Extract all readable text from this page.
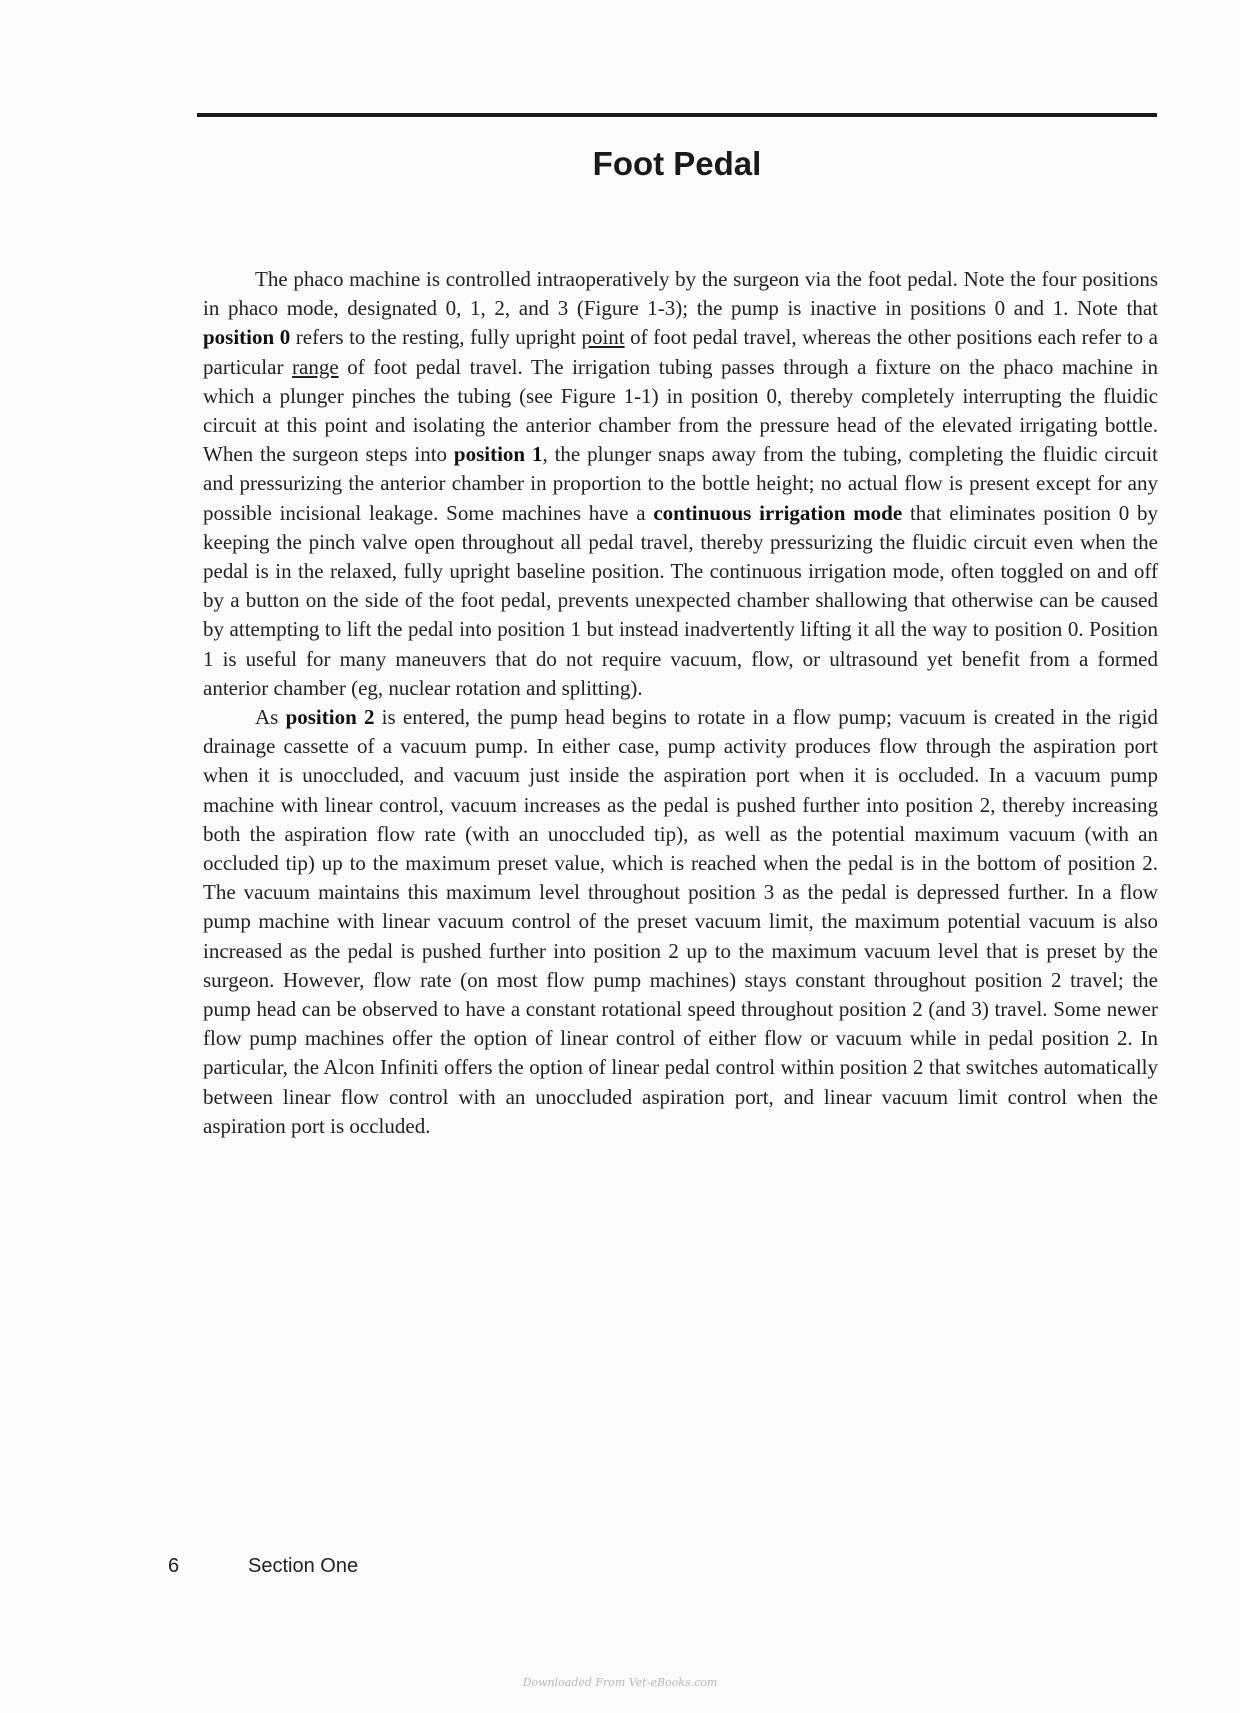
Foot Pedal

The phaco machine is controlled intraoperatively by the surgeon via the foot pedal. Note the four positions in phaco mode, designated 0, 1, 2, and 3 (Figure 1-3); the pump is inactive in positions 0 and 1. Note that position 0 refers to the resting, fully upright point of foot pedal travel, whereas the other positions each refer to a particular range of foot pedal travel. The irrigation tubing passes through a fixture on the phaco machine in which a plunger pinches the tubing (see Figure 1-1) in position 0, thereby completely interrupting the fluidic circuit at this point and isolating the anterior chamber from the pressure head of the elevated irrigating bottle. When the surgeon steps into position 1, the plunger snaps away from the tubing, completing the fluidic circuit and pressurizing the anterior chamber in proportion to the bottle height; no actual flow is present except for any possible incisional leakage. Some machines have a continuous irrigation mode that eliminates position 0 by keeping the pinch valve open throughout all pedal travel, thereby pressurizing the fluidic circuit even when the pedal is in the relaxed, fully upright baseline position. The continuous irrigation mode, often toggled on and off by a button on the side of the foot pedal, prevents unexpected chamber shallowing that otherwise can be caused by attempting to lift the pedal into position 1 but instead inadvertently lifting it all the way to position 0. Position 1 is useful for many maneuvers that do not require vacuum, flow, or ultrasound yet benefit from a formed anterior chamber (eg, nuclear rotation and splitting).

As position 2 is entered, the pump head begins to rotate in a flow pump; vacuum is created in the rigid drainage cassette of a vacuum pump. In either case, pump activity produces flow through the aspiration port when it is unoccluded, and vacuum just inside the aspiration port when it is occluded. In a vacuum pump machine with linear control, vacuum increases as the pedal is pushed further into position 2, thereby increasing both the aspiration flow rate (with an unoccluded tip), as well as the potential maximum vacuum (with an occluded tip) up to the maximum preset value, which is reached when the pedal is in the bottom of position 2. The vacuum maintains this maximum level throughout position 3 as the pedal is depressed further. In a flow pump machine with linear vacuum control of the preset vacuum limit, the maximum potential vacuum is also increased as the pedal is pushed further into position 2 up to the maximum vacuum level that is preset by the surgeon. However, flow rate (on most flow pump machines) stays constant throughout position 2 travel; the pump head can be observed to have a constant rotational speed throughout position 2 (and 3) travel. Some newer flow pump machines offer the option of linear control of either flow or vacuum while in pedal position 2. In particular, the Alcon Infiniti offers the option of linear pedal control within position 2 that switches automatically between linear flow control with an unoccluded aspiration port, and linear vacuum limit control when the aspiration port is occluded.

6	Section One
Downloaded From Vet-eBooks.com
